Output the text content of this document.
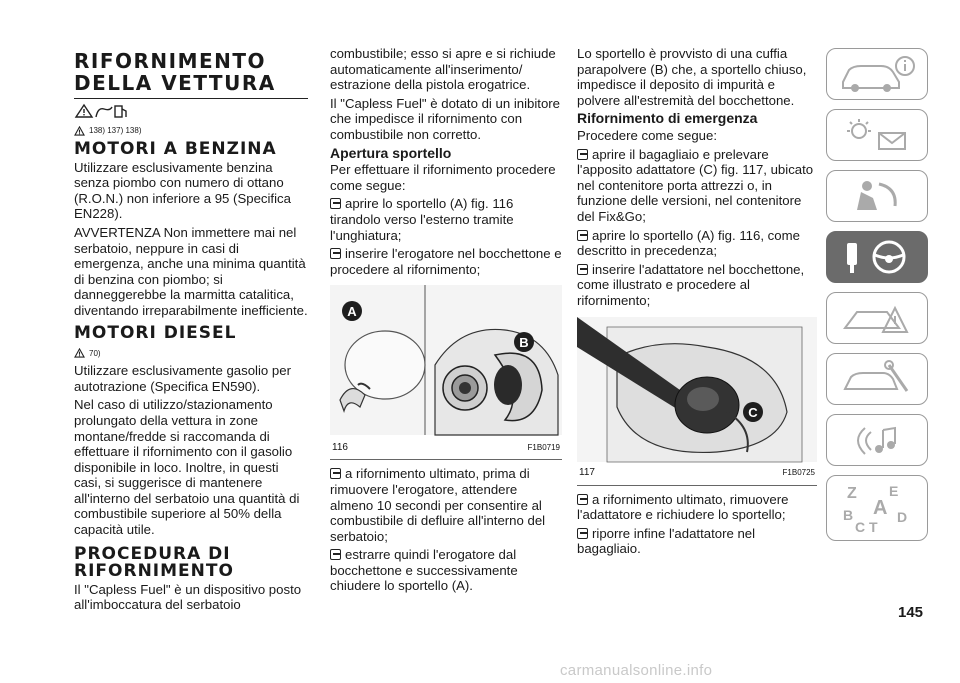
RIFORNIMENTO
DELLA VETTURA
138) 137) 138)
MOTORI A BENZINA

Utilizzare esclusivamente benzina senza piombo con numero di ottano (R.O.N.) non inferiore a 95 (Specifica EN228).

AVVERTENZA Non immettere mai nel serbatoio, neppure in casi di emergenza, anche una minima quantità di benzina con piombo; si danneggerebbe la marmitta catalitica, diventando irreparabilmente inefficiente.

MOTORI DIESEL
70)

Utilizzare esclusivamente gasolio per autotrazione (Specifica EN590).

Nel caso di utilizzo/stazionamento prolungato della vettura in zone montane/fredde si raccomanda di effettuare il rifornimento con il gasolio disponibile in loco. Inoltre, in questi casi, si suggerisce di mantenere all'interno del serbatoio una quantità di combustibile superiore al 50% della capacità utile.

PROCEDURA DI
RIFORNIMENTO

Il "Capless Fuel" è un dispositivo posto all'imboccatura del serbatoio

combustibile; esso si apre e si richiude automaticamente all'inserimento/ estrazione della pistola erogatrice.

Il "Capless Fuel" è dotato di un inibitore che impedisce il rifornimento con combustibile non corretto.

Apertura sportello

Per effettuare il rifornimento procedere come segue:

aprire lo sportello (A) fig. 116 tirandolo verso l'esterno tramite l'unghiatura;

inserire l'erogatore nel bocchettone e procedere al rifornimento;

A
B
116	F1B0719

a rifornimento ultimato, prima di rimuovere l'erogatore, attendere almeno 10 secondi per consentire al combustibile di defluire all'interno del serbatoio;

estrarre quindi l'erogatore dal bocchettone e successivamente chiudere lo sportello (A).

Lo sportello è provvisto di una cuffia parapolvere (B) che, a sportello chiuso, impedisce il deposito di impurità e polvere all'estremità del bocchettone.

Rifornimento di emergenza

Procedere come segue:

aprire il bagagliaio e prelevare l'apposito adattatore (C) fig. 117, ubicato nel contenitore porta attrezzi o, in funzione delle versioni, nel contenitore del Fix&Go;

aprire lo sportello (A) fig. 116, come descritto in precedenza;

inserire l'adattatore nel bocchettone, come illustrato e procedere al rifornimento;

C
117	F1B0725

a rifornimento ultimato, rimuovere l'adattatore e richiudere lo sportello;

riporre infine l'adattatore nel bagagliaio.

Z E
A
B
C
D
T
145
carmanualsonline.info
